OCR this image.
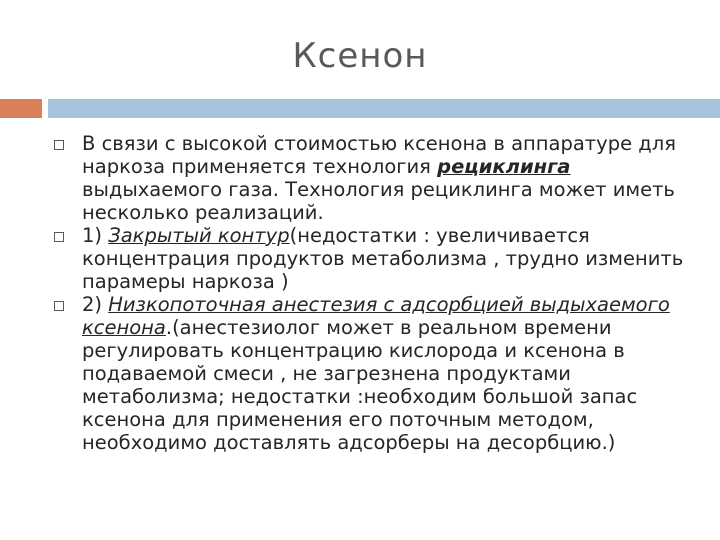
Ксенон

В связи с высокой стоимостью ксенона в аппаратуре для наркоза применяется технология рециклинга выдыхаемого газа. Технология рециклинга может иметь несколько реализаций.

1) Закрытый контур(недостатки : увеличивается концентрация продуктов метаболизма , трудно изменить парамеры наркоза )

2) Низкопоточная анестезия с адсорбцией выдыхаемого ксенона.(анестезиолог может в реальном времени регулировать концентрацию кислорода и ксенона в подаваемой смеси , не загрезнена продуктами метаболизма; недостатки :необходим большой запас ксенона для применения его поточным методом, необходимо доставлять адсорберы на десорбцию.)
